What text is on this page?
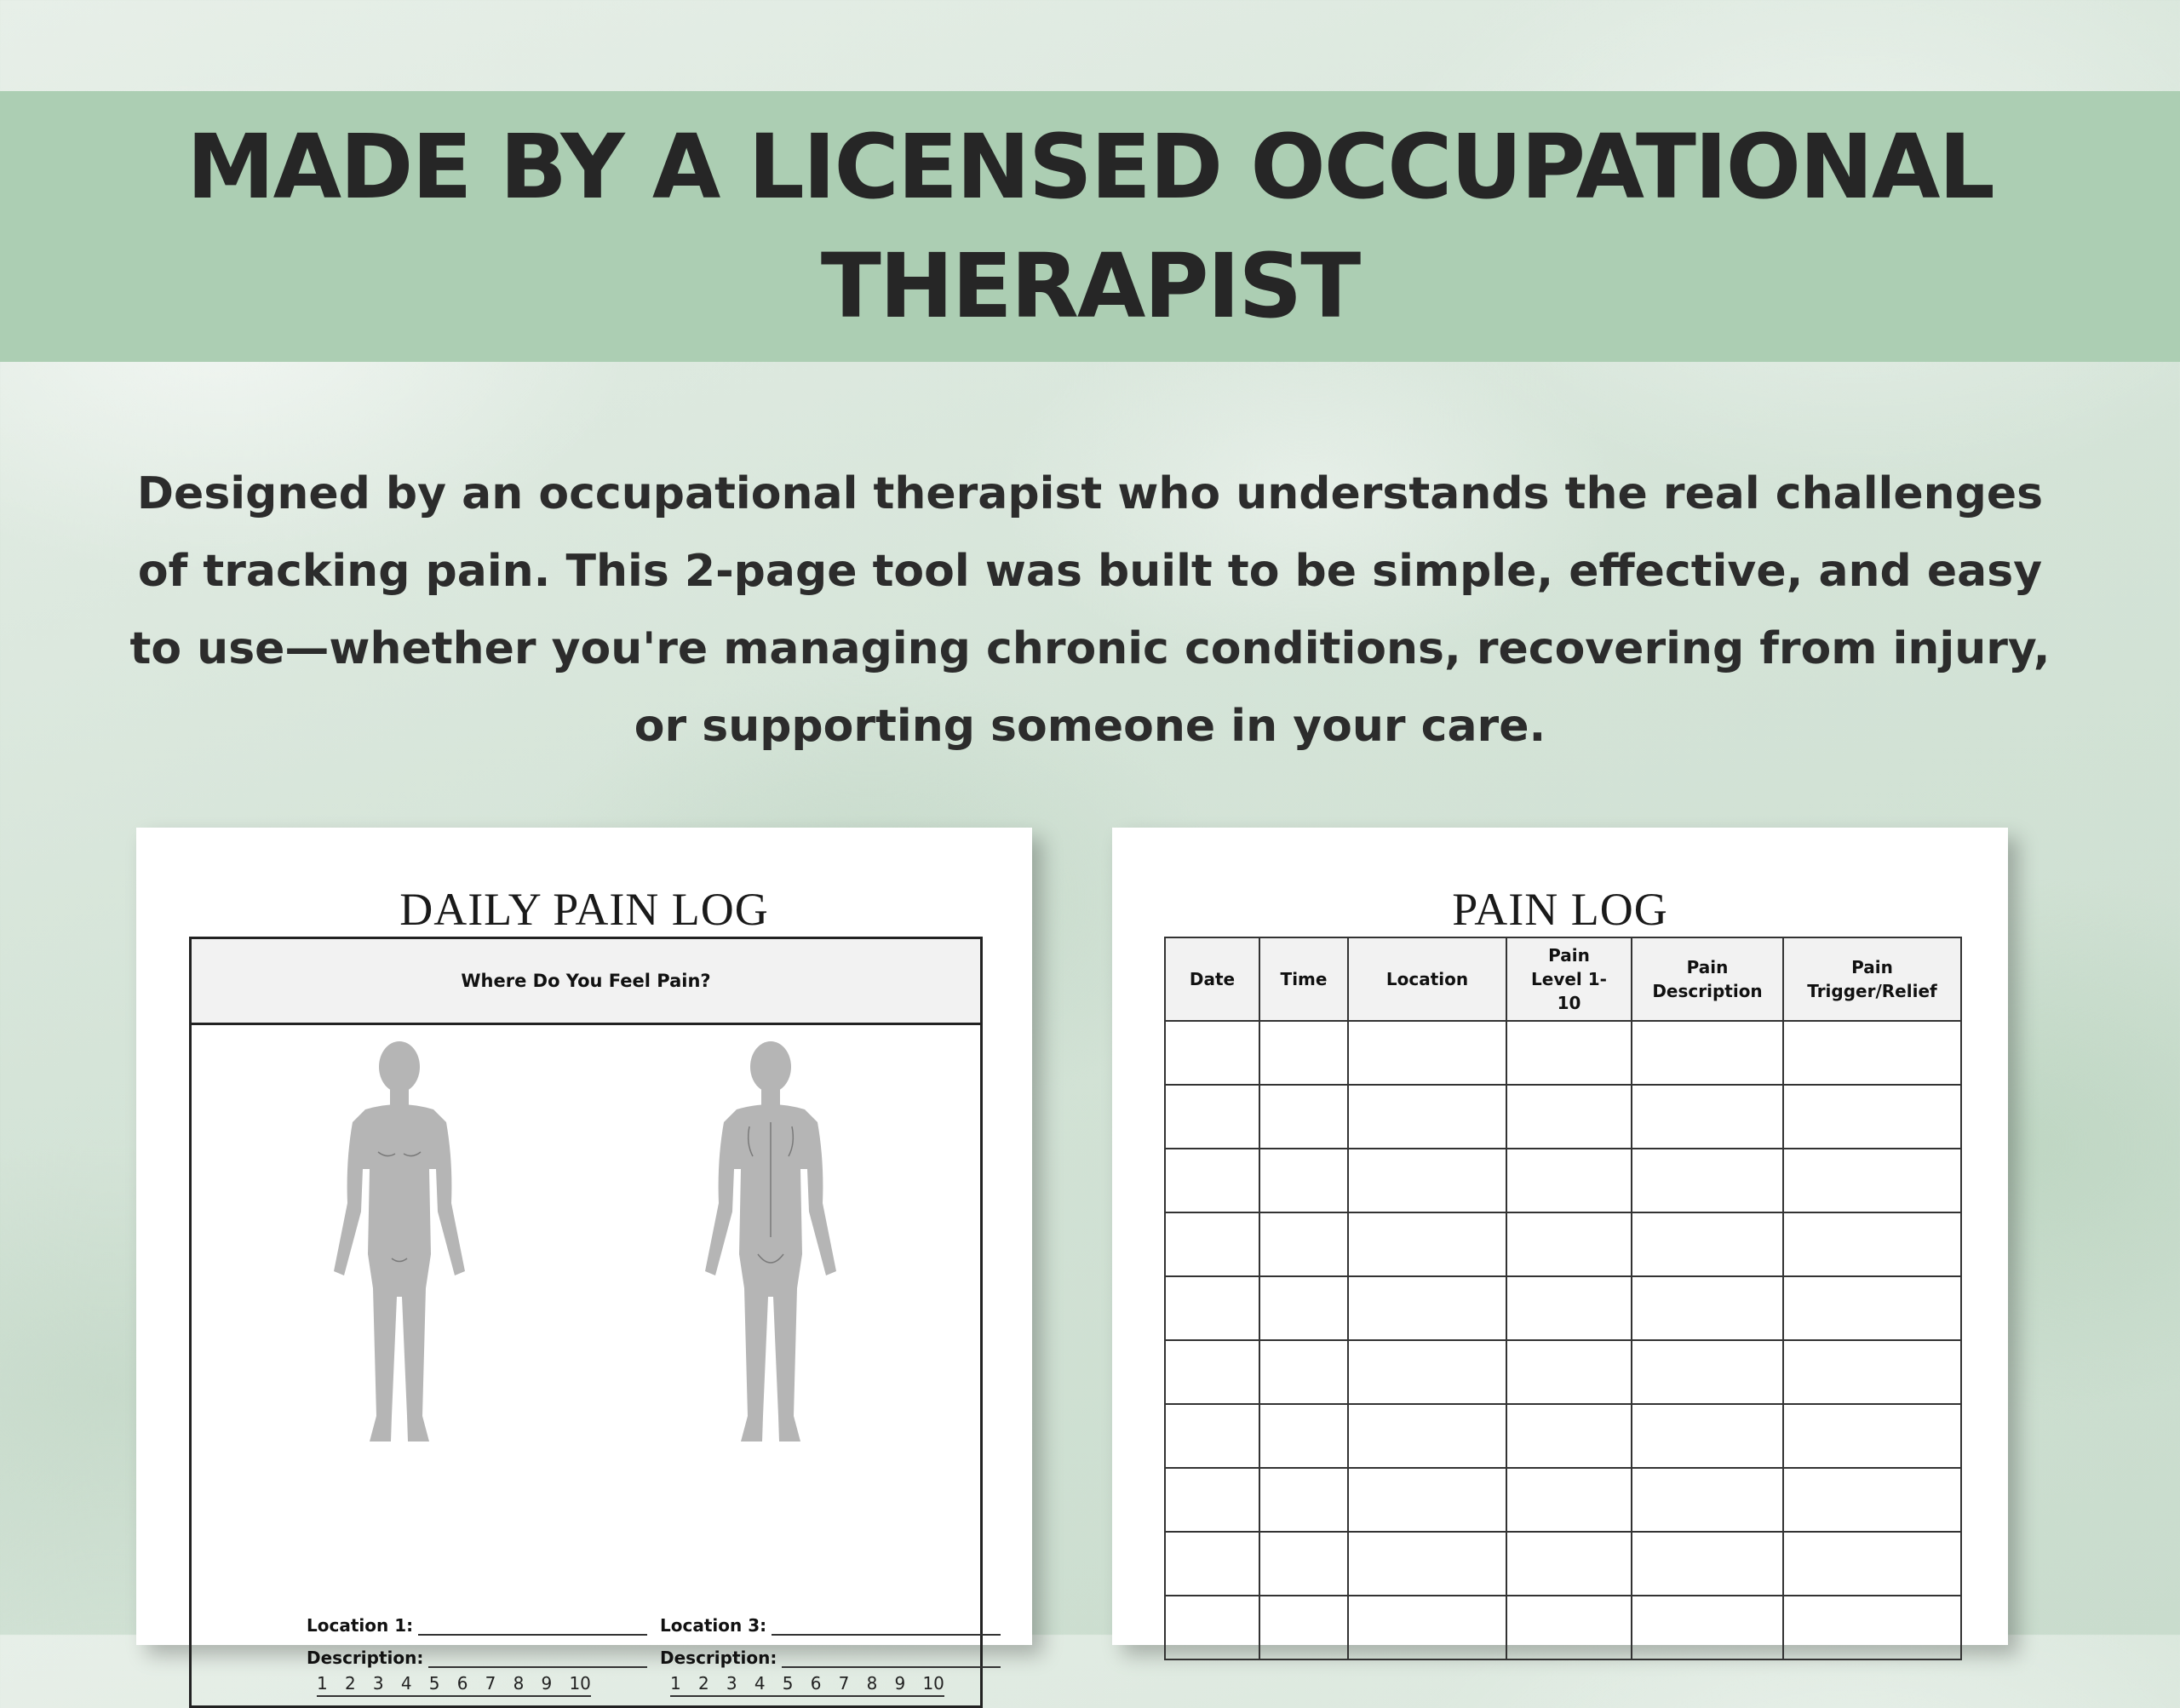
MADE BY A LICENSED OCCUPATIONAL THERAPIST

Designed by an occupational therapist who understands the real challenges of tracking pain. This 2-page tool was built to be simple, effective, and easy to use—whether you're managing chronic conditions, recovering from injury, or supporting someone in your care.

DAILY PAIN LOG
Where Do You Feel Pain?
Location 1:
Description:
1 2 3 4 5 6 7 8 9 10
Location 3:
Description:
1 2 3 4 5 6 7 8 9 10
PAIN LOG
Date	Time	Location	Pain Level 1-10	Pain Description	Pain Trigger/Relief
